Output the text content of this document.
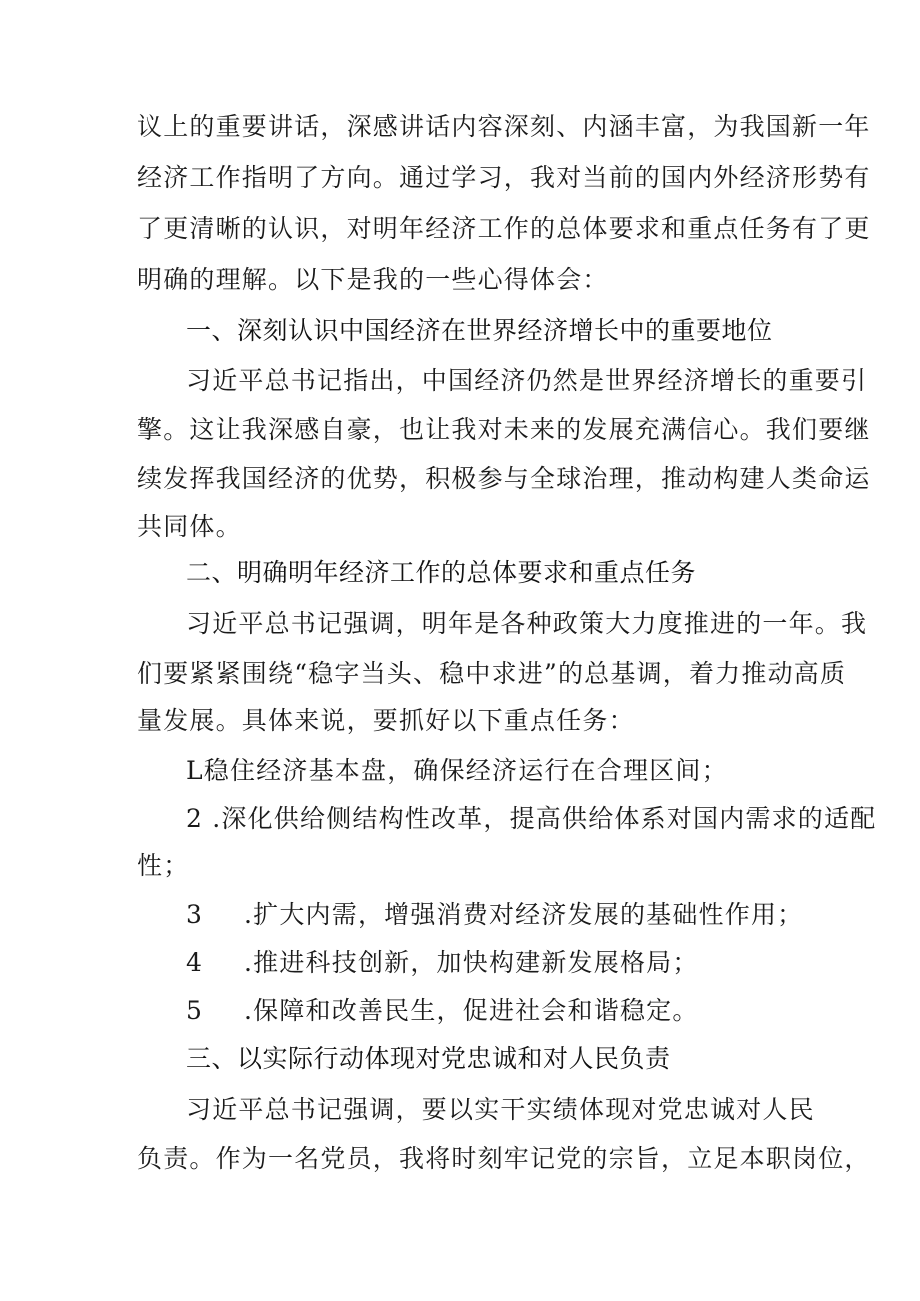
议上的重要讲话，深感讲话内容深刻、内涵丰富，为我国新一年
经济工作指明了方向。通过学习，我对当前的国内外经济形势有
了更清晰的认识，对明年经济工作的总体要求和重点任务有了更
明确的理解。以下是我的一些心得体会：
一、深刻认识中国经济在世界经济增长中的重要地位
习近平总书记指出，中国经济仍然是世界经济增长的重要引
擎。这让我深感自豪，也让我对未来的发展充满信心。我们要继
续发挥我国经济的优势，积极参与全球治理，推动构建人类命运
共同体。
二、明确明年经济工作的总体要求和重点任务
习近平总书记强调，明年是各种政策大力度推进的一年。我
们要紧紧围绕“稳字当头、稳中求进”的总基调，着力推动高质
量发展。具体来说，要抓好以下重点任务：
L稳住经济基本盘，确保经济运行在合理区间；
2 .深化供给侧结构性改革，提高供给体系对国内需求的适配
性；
3 .扩大内需，增强消费对经济发展的基础性作用；
4 .推进科技创新，加快构建新发展格局；
5 .保障和改善民生，促进社会和谐稳定。
三、以实际行动体现对党忠诚和对人民负责
习近平总书记强调，要以实干实绩体现对党忠诚对人民
负责。作为一名党员，我将时刻牢记党的宗旨，立足本职岗位，
